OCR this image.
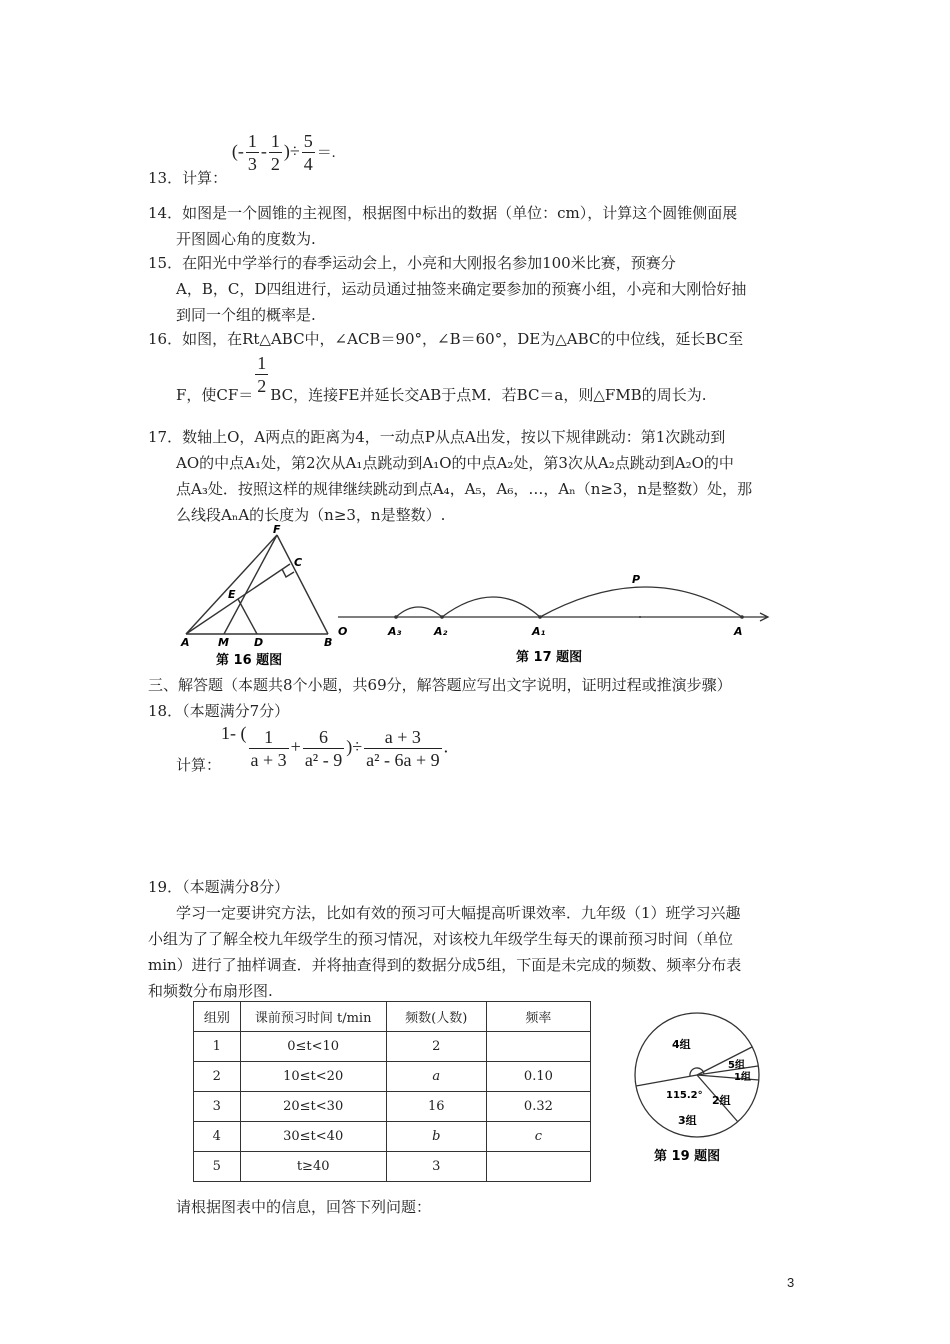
13．计算： (- $\frac{1}{3} - \frac{1}{2}$ )÷ $\frac{5}{4}$ ＝.
14．如图是一个圆锥的主视图，根据图中标出的数据（单位：cm），计算这个圆锥侧面展
开图圆心角的度数为.
15．在阳光中学举行的春季运动会上，小亮和大刚报名参加100米比赛，预赛分
A，B，C，D四组进行，运动员通过抽签来确定要参加的预赛小组，小亮和大刚恰好抽
到同一个组的概率是.
16．如图，在Rt△ABC中，∠ACB＝90°，∠B＝60°，DE为△ABC的中位线，延长BC至
F，使$CF= \frac{1}{2}$ BC，连接FE并延长交AB于点M．若BC＝a，则△FMB的周长为.
17．数轴上O，A两点的距离为4，一动点P从点A出发，按以下规律跳动：第1次跳动到
AO的中点A₁处，第2次从A₁点跳动到A₁O的中点A₂处，第3次从A₂点跳动到A₂O的中
点A₃处．按照这样的规律继续跳动到点A₄，A₅，A₆，…，Aₙ（n≥3，n是整数）处，那
么线段AₙA的长度为（n≥3，n是整数）.
F
C
E
A	M D	B
第 16 题图
O	A₃	A₂	A₁	A
P
第 17 题图
三、解答题（本题共8个小题，共69分，解答题应写出文字说明，证明过程或推演步骤）
18．（本题满分7分）
计算：1- ( $\frac{1}{a + 3} + \frac{6}{\text{a² - 9}}$ )÷ $\frac{a + 3}{\text{a² - 6a + 9}}$ .
19．（本题满分8分）
学习一定要讲究方法，比如有效的预习可大幅提高听课效率．九年级（1）班学习兴趣
小组为了了解全校九年级学生的预习情况，对该校九年级学生每天的课前预习时间（单位
min）进行了抽样调查．并将抽查得到的数据分成5组，下面是未完成的频数、频率分布表
和频数分布扇形图.
组别	课前预习时间 t/min	频数(人数)	频率
1	0≤t<10	2	
2	10≤t<20	a	0.10
3	20≤t<30	16	0.32
4	30≤t<40	b	c
5	t≥40	3	
4组
5组
1组
2组
3组
115.2°
第 19 题图
请根据图表中的信息，回答下列问题：
3
